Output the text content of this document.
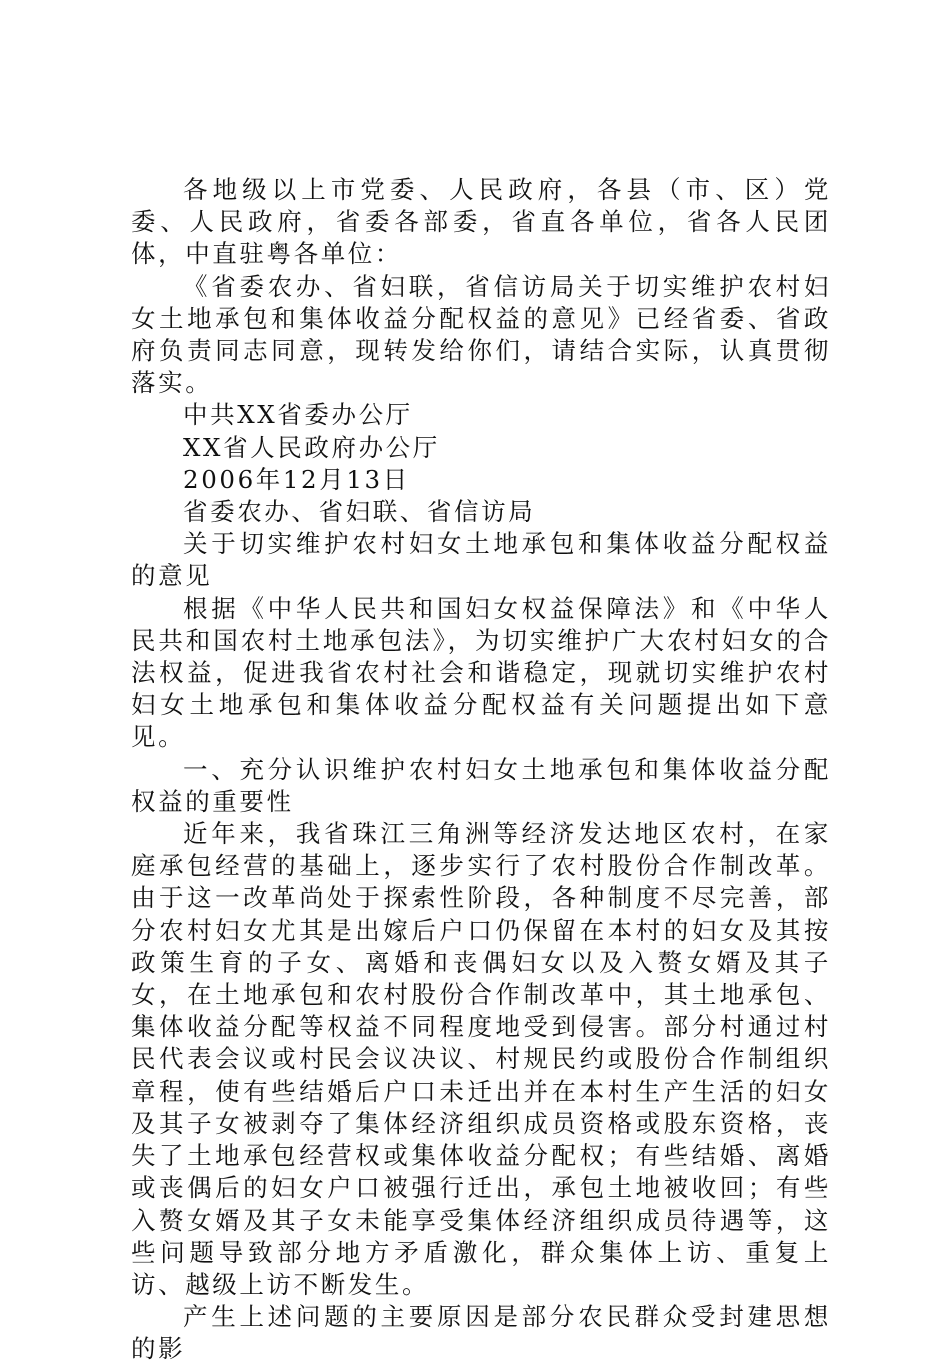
各地级以上市党委、人民政府，各县（市、区）党委、人民政府，省委各部委，省直各单位，省各人民团体，中直驻粤各单位：

《省委农办、省妇联，省信访局关于切实维护农村妇女土地承包和集体收益分配权益的意见》已经省委、省政府负责同志同意，现转发给你们，请结合实际，认真贯彻落实。

中共XX省委办公厅

XX省人民政府办公厅

2006年12月13日

省委农办、省妇联、省信访局

关于切实维护农村妇女土地承包和集体收益分配权益的意见

根据《中华人民共和国妇女权益保障法》和《中华人民共和国农村土地承包法》，为切实维护广大农村妇女的合法权益，促进我省农村社会和谐稳定，现就切实维护农村妇女土地承包和集体收益分配权益有关问题提出如下意见。

一、充分认识维护农村妇女土地承包和集体收益分配权益的重要性

近年来，我省珠江三角洲等经济发达地区农村，在家庭承包经营的基础上，逐步实行了农村股份合作制改革。由于这一改革尚处于探索性阶段，各种制度不尽完善，部分农村妇女尤其是出嫁后户口仍保留在本村的妇女及其按政策生育的子女、离婚和丧偶妇女以及入赘女婿及其子女，在土地承包和农村股份合作制改革中，其土地承包、集体收益分配等权益不同程度地受到侵害。部分村通过村民代表会议或村民会议决议、村规民约或股份合作制组织章程，使有些结婚后户口未迁出并在本村生产生活的妇女及其子女被剥夺了集体经济组织成员资格或股东资格，丧失了土地承包经营权或集体收益分配权；有些结婚、离婚或丧偶后的妇女户口被强行迁出，承包土地被收回；有些入赘女婿及其子女未能享受集体经济组织成员待遇等，这些问题导致部分地方矛盾激化，群众集体上访、重复上访、越级上访不断发生。

产生上述问题的主要原因是部分农民群众受封建思想的影
